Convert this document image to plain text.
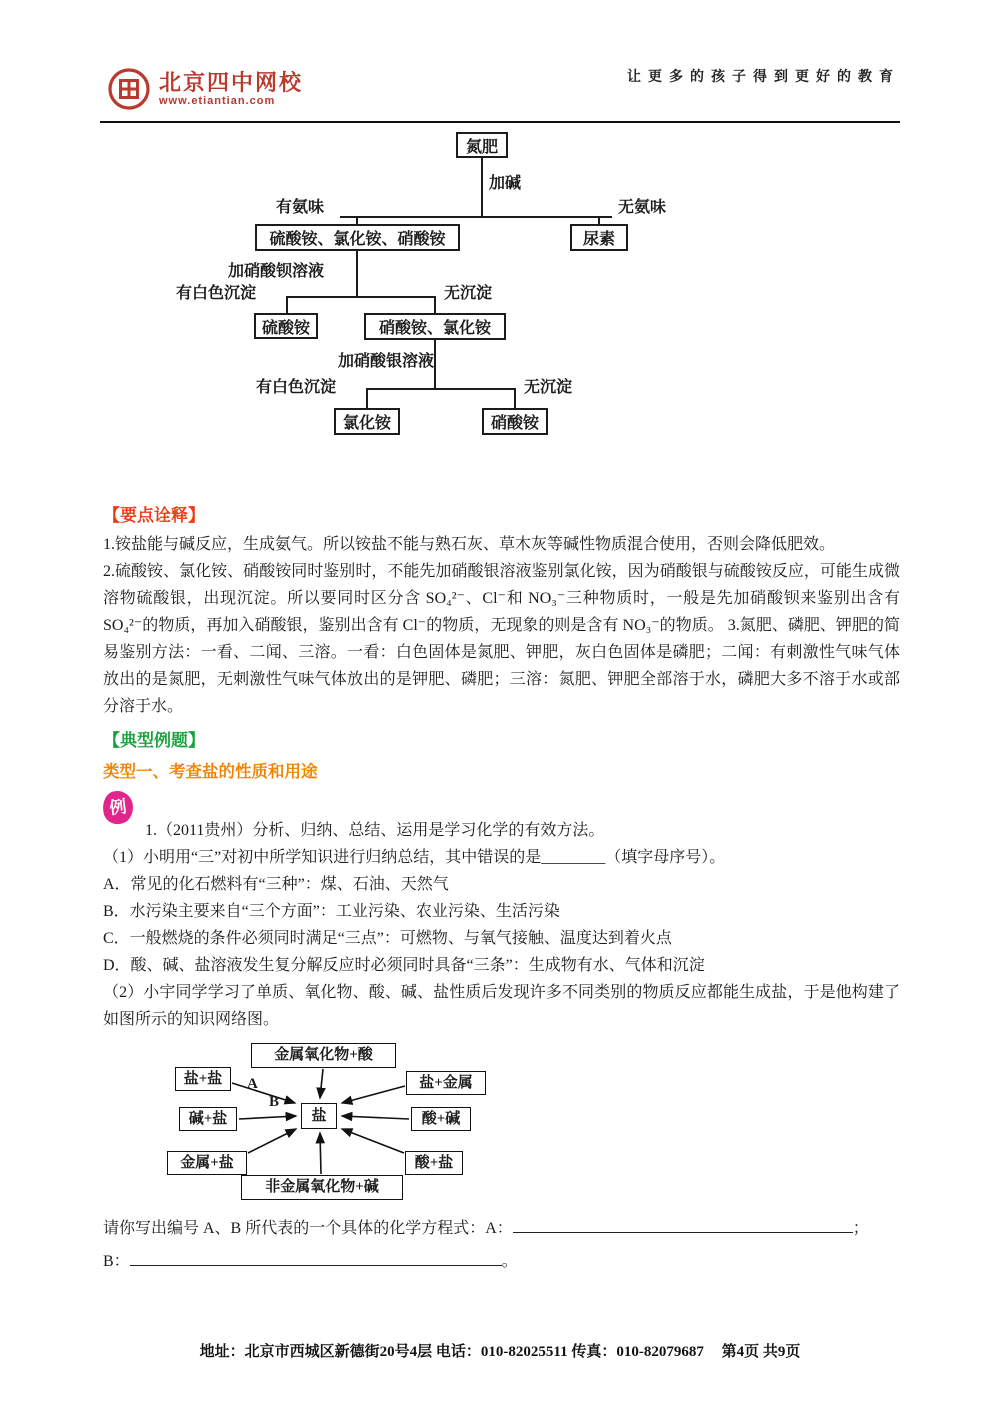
北京四中网校
www.etiantian.com
让更多的孩子得到更好的教育
氮肥
硫酸铵、氯化铵、硝酸铵	尿素
硫酸铵	硝酸铵、氯化铵
氯化铵	硝酸铵
加碱
有氨味	无氨味
加硝酸钡溶液
有白色沉淀	无沉淀
加硝酸银溶液
有白色沉淀	无沉淀
【要点诠释】

1.铵盐能与碱反应，生成氨气。所以铵盐不能与熟石灰、草木灰等碱性物质混合使用，否则会降低肥效。

2.硫酸铵、氯化铵、硝酸铵同时鉴别时，不能先加硝酸银溶液鉴别氯化铵，因为硝酸银与硫酸铵反应，可能生成微溶物硫酸银，出现沉淀。所以要同时区分含 SO₄²⁻、Cl⁻和 NO₃⁻三种物质时，一般是先加硝酸钡来鉴别出含有 SO₄²⁻的物质，再加入硝酸银，鉴别出含有 Cl⁻的物质，无现象的则是含有 NO₃⁻的物质。 3.氮肥、磷肥、钾肥的简易鉴别方法：一看、二闻、三溶。一看：白色固体是氮肥、钾肥，灰白色固体是磷肥；二闻：有刺激性气味气体放出的是氮肥，无刺激性气味气体放出的是钾肥、磷肥；三溶：氮肥、钾肥全部溶于水，磷肥大多不溶于水或部分溶于水。

【典型例题】
类型一、考查盐的性质和用途
例

1.（2011贵州）分析、归纳、总结、运用是学习化学的有效方法。

（1）小明用“三”对初中所学知识进行归纳总结，其中错误的是________（填字母序号）。

A．常见的化石燃料有“三种”：煤、石油、天然气

B．水污染主要来自“三个方面”：工业污染、农业污染、生活污染

C．一般燃烧的条件必须同时满足“三点”：可燃物、与氧气接触、温度达到着火点

D．酸、碱、盐溶液发生复分解反应时必须同时具备“三条”：生成物有水、气体和沉淀

（2）小宇同学学习了单质、氧化物、酸、碱、盐性质后发现许多不同类别的物质反应都能生成盐，于是他构建了如图所示的知识网络图。

金属氧化物+酸
盐+盐	盐+金属
碱+盐	盐	酸+碱
金属+盐	酸+盐
非金属氧化物+碱
A
B

请你写出编号 A、B 所代表的一个具体的化学方程式：A：	；

B：	。

地址：北京市西城区新德街20号4层 电话：010-82025511 传真：010-82079687 第4页 共9页
